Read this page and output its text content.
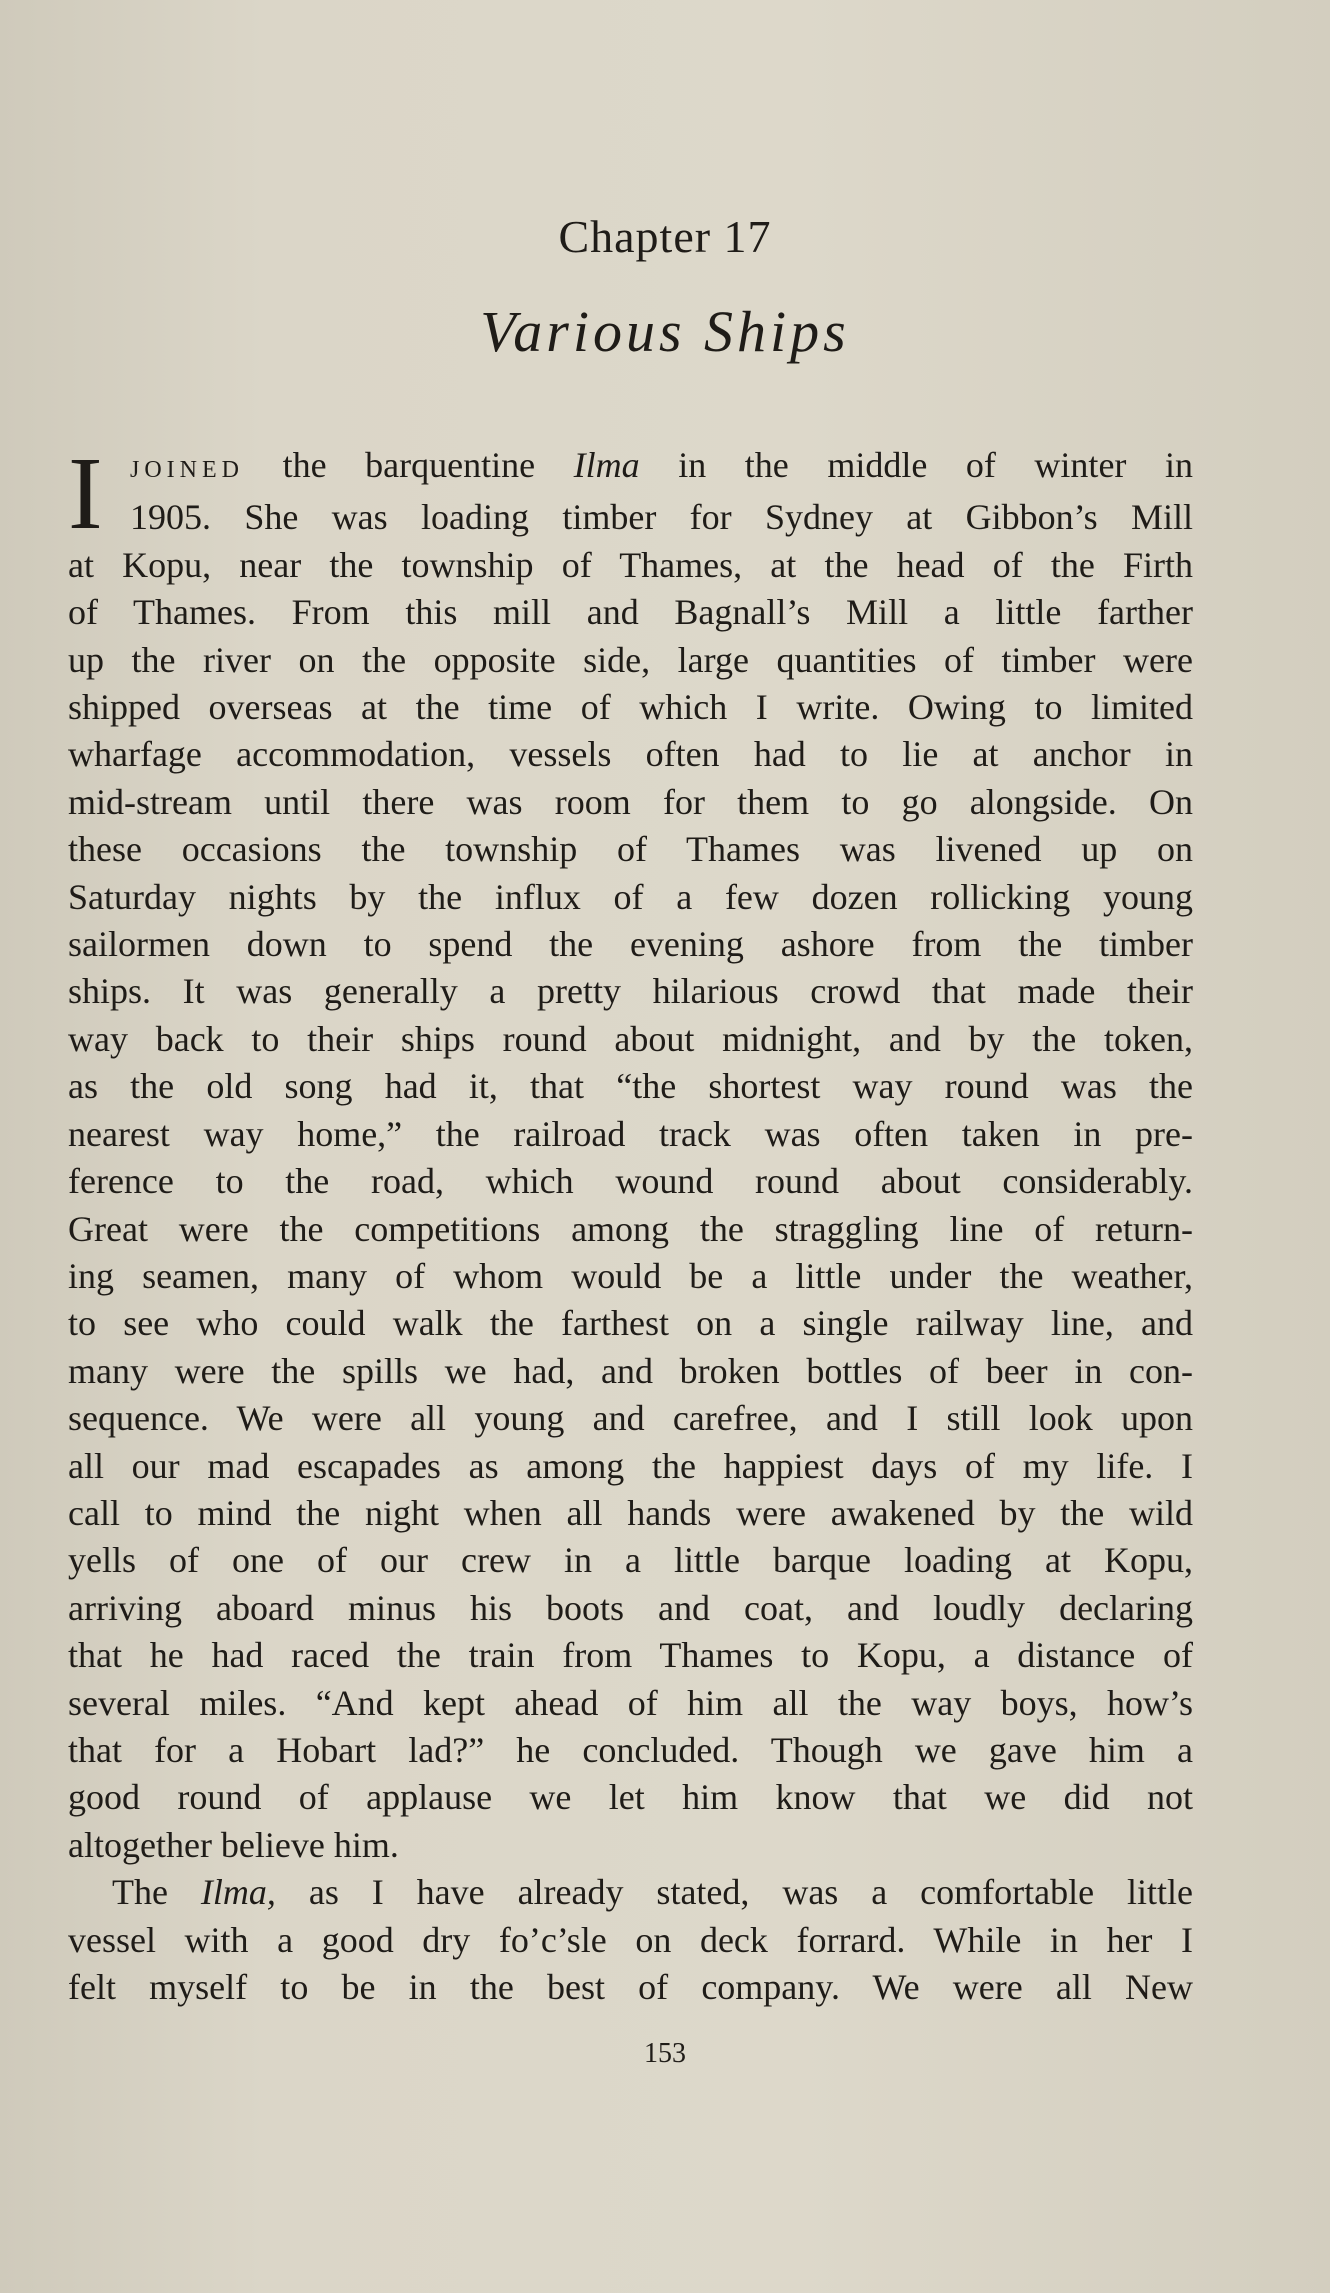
Chapter 17
Various Ships
I	JOINED the barquentine Ilma in the middle of winter in
1905. She was loading timber for Sydney at Gibbon’s Mill
at Kopu, near the township of Thames, at the head of the Firth
of Thames. From this mill and Bagnall’s Mill a little farther
up the river on the opposite side, large quantities of timber were
shipped overseas at the time of which I write. Owing to limited
wharfage accommodation, vessels often had to lie at anchor in
mid-stream until there was room for them to go alongside. On
these occasions the township of Thames was livened up on
Saturday nights by the influx of a few dozen rollicking young
sailormen down to spend the evening ashore from the timber
ships. It was generally a pretty hilarious crowd that made their
way back to their ships round about midnight, and by the token,
as the old song had it, that “the shortest way round was the
nearest way home,” the railroad track was often taken in pre-
ference to the road, which wound round about considerably.
Great were the competitions among the straggling line of return-
ing seamen, many of whom would be a little under the weather,
to see who could walk the farthest on a single railway line, and
many were the spills we had, and broken bottles of beer in con-
sequence. We were all young and carefree, and I still look upon
all our mad escapades as among the happiest days of my life. I
call to mind the night when all hands were awakened by the wild
yells of one of our crew in a little barque loading at Kopu,
arriving aboard minus his boots and coat, and loudly declaring
that he had raced the train from Thames to Kopu, a distance of
several miles. “And kept ahead of him all the way boys, how’s
that for a Hobart lad?” he concluded. Though we gave him a
good round of applause we let him know that we did not
altogether believe him.
The Ilma, as I have already stated, was a comfortable little
vessel with a good dry fo’c’sle on deck forrard. While in her I
felt myself to be in the best of company. We were all New
153
